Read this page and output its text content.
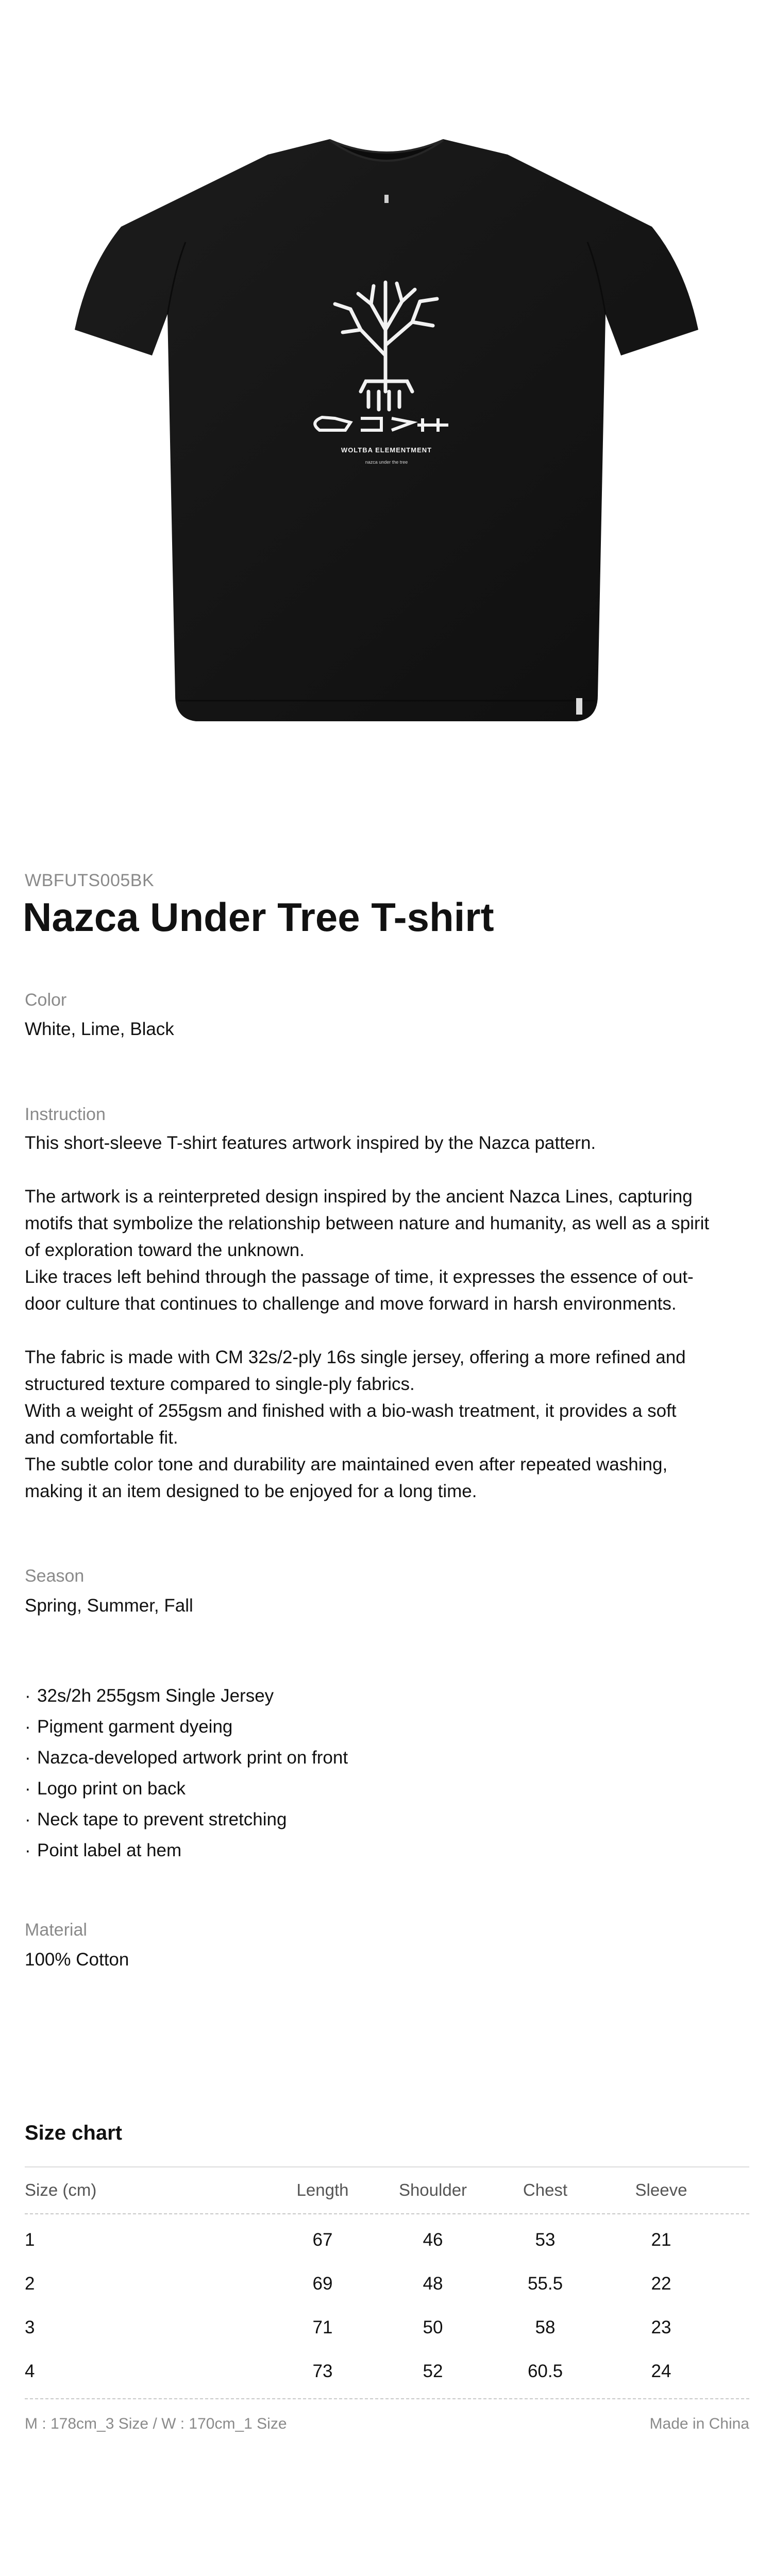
WOLTBA ELEMENTMENT
nazca under the tree
WBFUTS005BK
Nazca Under Tree T-shirt
Color
White, Lime, Black
Instruction

This short-sleeve T-shirt features artwork inspired by the Nazca pattern.

The artwork is a reinterpreted design inspired by the ancient Nazca Lines, capturing

motifs that symbolize the relationship between nature and humanity, as well as a spirit

of exploration toward the unknown.

Like traces left behind through the passage of time, it expresses the essence of out-

door culture that continues to challenge and move forward in harsh environments.

The fabric is made with CM 32s/2-ply 16s single jersey, offering a more refined and

structured texture compared to single-ply fabrics.

With a weight of 255gsm and finished with a bio-wash treatment, it provides a soft

and comfortable fit.

The subtle color tone and durability are maintained even after repeated washing,

making it an item designed to be enjoyed for a long time.

Season
Spring, Summer, Fall
· 32s/2h 255gsm Single Jersey
· Pigment garment dyeing
· Nazca-developed artwork print on front
· Logo print on back
· Neck tape to prevent stretching
· Point label at hem
Material
100% Cotton
Size chart
Size (cm)	Length	Shoulder	Chest	Sleeve
1	67	46	53	21
2	69	48	55.5	22
3	71	50	58	23
4	73	52	60.5	24
M : 178cm_3 Size / W : 170cm_1 Size	Made in China
